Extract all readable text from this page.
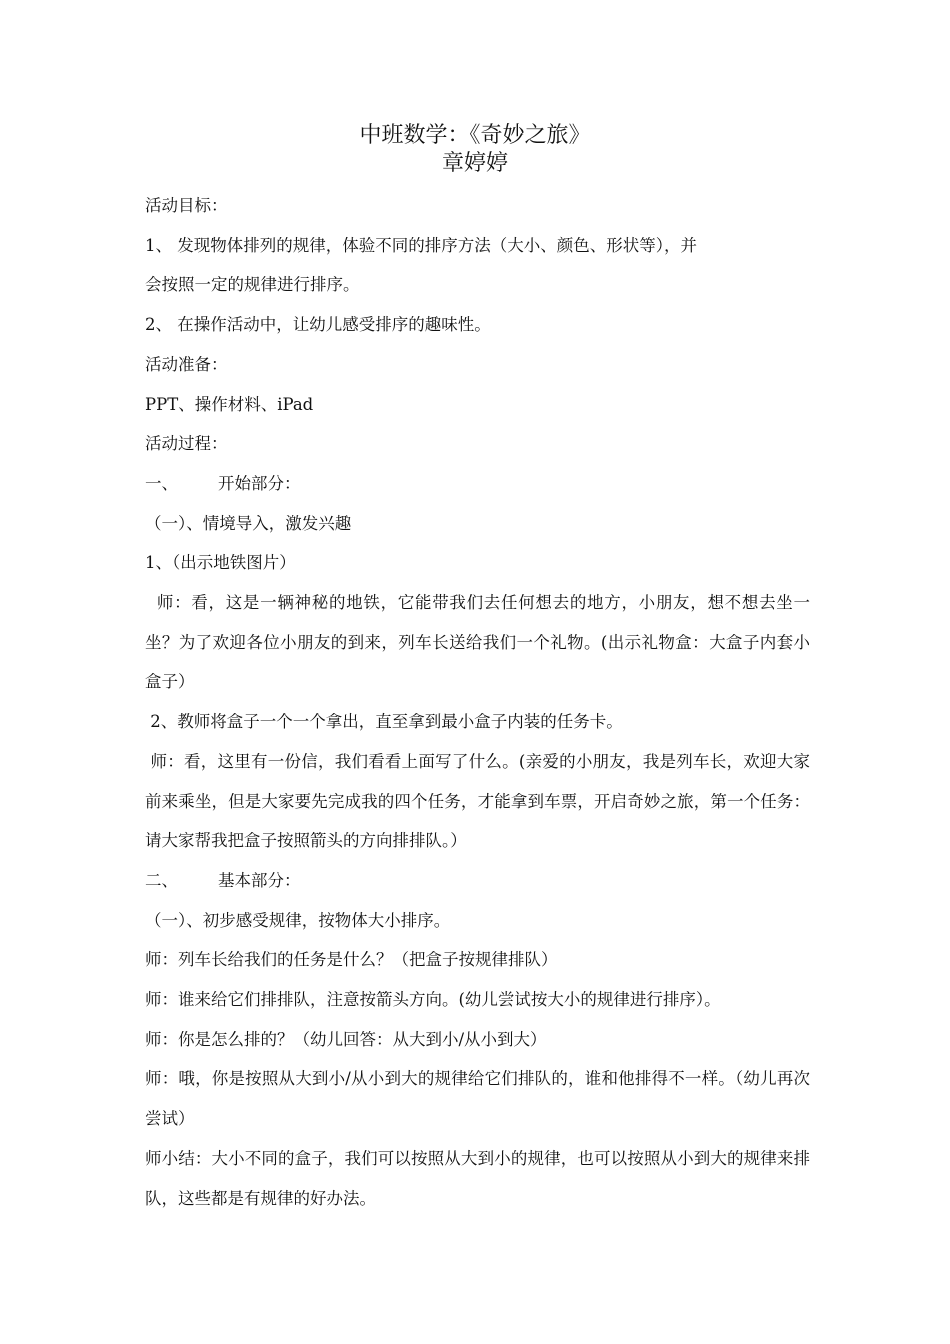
中班数学：《奇妙之旅》
章婷婷
活动目标：
1、 发现物体排列的规律，体验不同的排序方法（大小、颜色、形状等），并
会按照一定的规律进行排序。
2、 在操作活动中，让幼儿感受排序的趣味性。
活动准备：
PPT、操作材料、iPad
活动过程：
一、 开始部分：
（一）、情境导入，激发兴趣
1、（出示地铁图片）
师：看，这是一辆神秘的地铁，它能带我们去任何想去的地方，小朋友，想不想去坐一坐？为了欢迎各位小朋友的到来，列车长送给我们一个礼物。(出示礼物盒：大盒子内套小盒子）
2、教师将盒子一个一个拿出，直至拿到最小盒子内装的任务卡。
师：看，这里有一份信，我们看看上面写了什么。(亲爱的小朋友，我是列车长，欢迎大家前来乘坐，但是大家要先完成我的四个任务，才能拿到车票，开启奇妙之旅，第一个任务：请大家帮我把盒子按照箭头的方向排排队。）
二、 基本部分：
（一）、初步感受规律，按物体大小排序。
师：列车长给我们的任务是什么？（把盒子按规律排队）
师：谁来给它们排排队，注意按箭头方向。(幼儿尝试按大小的规律进行排序）。
师：你是怎么排的？（幼儿回答：从大到小/从小到大）
师：哦，你是按照从大到小/从小到大的规律给它们排队的，谁和他排得不一样。（幼儿再次尝试）
师小结：大小不同的盒子，我们可以按照从大到小的规律，也可以按照从小到大的规律来排队，这些都是有规律的好办法。
